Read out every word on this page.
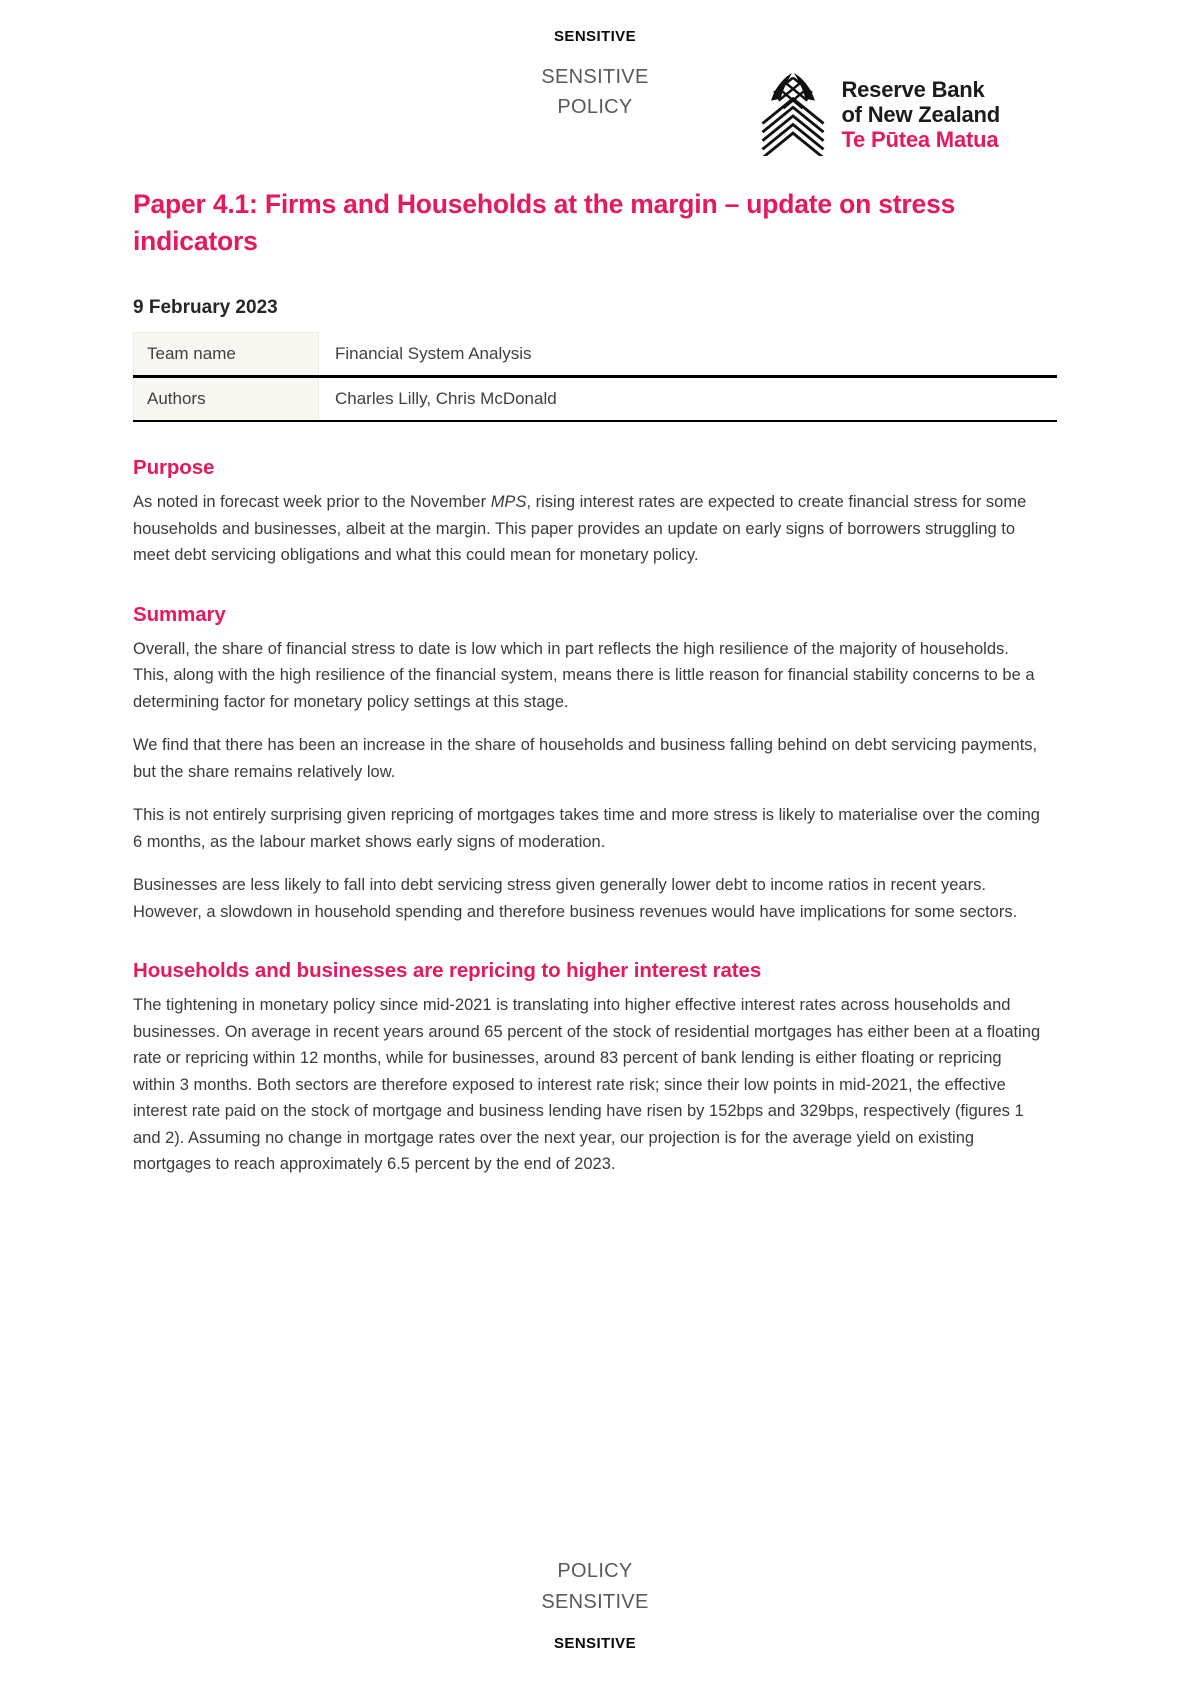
SENSITIVE
SENSITIVE
POLICY
Reserve Bank
of New Zealand
Te Pūtea Matua
Paper 4.1: Firms and Households at the margin – update on stress indicators
9 February 2023
Team name	Financial System Analysis
Authors	Charles Lilly, Chris McDonald
Purpose

As noted in forecast week prior to the November MPS, rising interest rates are expected to create financial stress for some households and businesses, albeit at the margin. This paper provides an update on early signs of borrowers struggling to meet debt servicing obligations and what this could mean for monetary policy.

Summary

Overall, the share of financial stress to date is low which in part reflects the high resilience of the majority of households. This, along with the high resilience of the financial system, means there is little reason for financial stability concerns to be a determining factor for monetary policy settings at this stage.

We find that there has been an increase in the share of households and business falling behind on debt servicing payments, but the share remains relatively low.

This is not entirely surprising given repricing of mortgages takes time and more stress is likely to materialise over the coming 6 months, as the labour market shows early signs of moderation.

Businesses are less likely to fall into debt servicing stress given generally lower debt to income ratios in recent years. However, a slowdown in household spending and therefore business revenues would have implications for some sectors.

Households and businesses are repricing to higher interest rates

The tightening in monetary policy since mid-2021 is translating into higher effective interest rates across households and businesses. On average in recent years around 65 percent of the stock of residential mortgages has either been at a floating rate or repricing within 12 months, while for businesses, around 83 percent of bank lending is either floating or repricing within 3 months. Both sectors are therefore exposed to interest rate risk; since their low points in mid-2021, the effective interest rate paid on the stock of mortgage and business lending have risen by 152bps and 329bps, respectively (figures 1 and 2). Assuming no change in mortgage rates over the next year, our projection is for the average yield on existing mortgages to reach approximately 6.5 percent by the end of 2023.

POLICY
SENSITIVE
SENSITIVE
